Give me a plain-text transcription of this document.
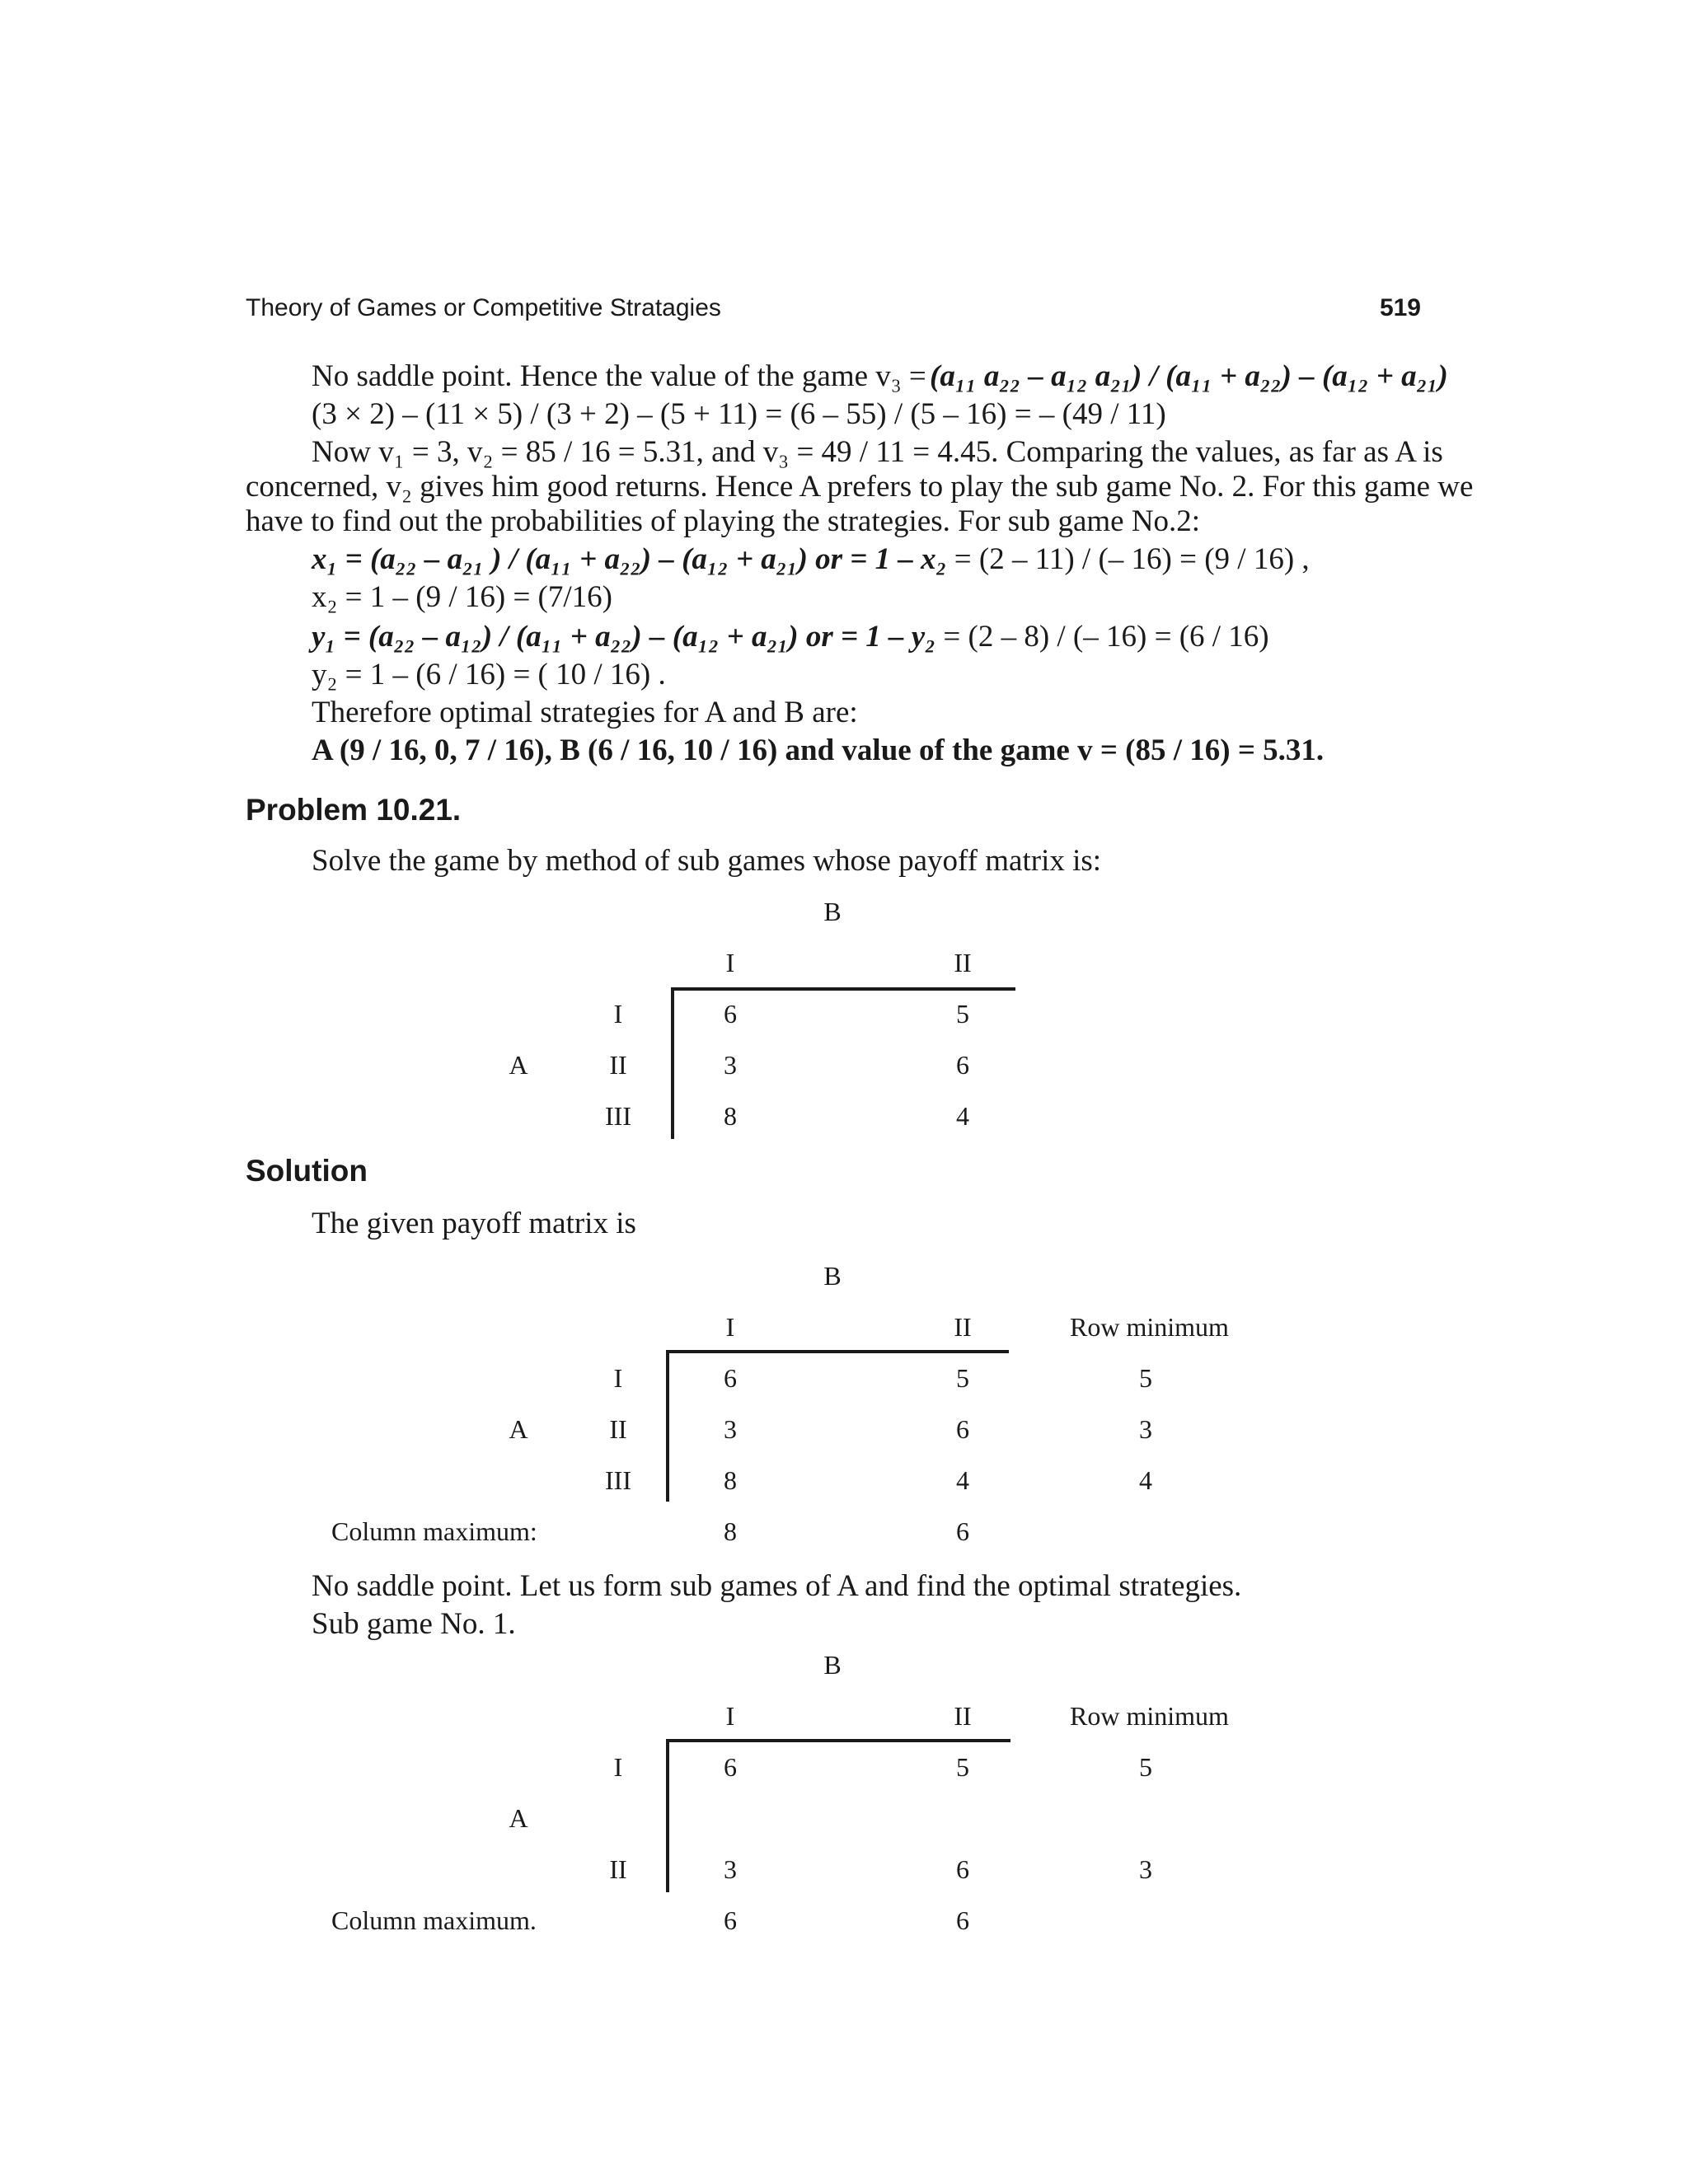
Theory of Games or Competitive Stratagies	519
No saddle point. Hence the value of the game v₃ = (a₁₁ a₂₂ – a₁₂ a₂₁) / (a₁₁ + a₂₂) – (a₁₂ + a₂₁)
(3 × 2) – (11 × 5) / (3 + 2) – (5 + 11) = (6 – 55) / (5 – 16) = – (49 / 11)
Now v₁ = 3, v₂ = 85 / 16 = 5.31, and v₃ = 49 / 11 = 4.45. Comparing the values, as far as A is
concerned, v₂ gives him good returns. Hence A prefers to play the sub game No. 2. For this game we
have to find out the probabilities of playing the strategies. For sub game No.2:
x₁ = (a₂₂ – a₂₁ ) / (a₁₁ + a₂₂) – (a₁₂ + a₂₁) or = 1 – x₂ = (2 – 11) / (– 16) = (9 / 16) ,
x₂ = 1 – (9 / 16) = (7/16)
y₁ = (a₂₂ – a₁₂) / (a₁₁ + a₂₂) – (a₁₂ + a₂₁) or = 1 – y₂ = (2 – 8) / (– 16) = (6 / 16)
y₂ = 1 – (6 / 16) = ( 10 / 16) .
Therefore optimal strategies for A and B are:
A (9 / 16, 0, 7 / 16), B (6 / 16, 10 / 16) and value of the game v = (85 / 16) = 5.31.
Problem 10.21.
Solve the game by method of sub games whose payoff matrix is:
B
I	II
A
I	6	5
II	3	6
III	8	4
Solution
The given payoff matrix is
B
I	II	Row minimum
A
I	6	5	5
II	3	6	3
III	8	4	4
Column maximum:	8	6
No saddle point. Let us form sub games of A and find the optimal strategies.
Sub game No. 1.
B
I	II	Row minimum
A
I	6	5	5
II	3	6	3
Column maximum.	6	6
